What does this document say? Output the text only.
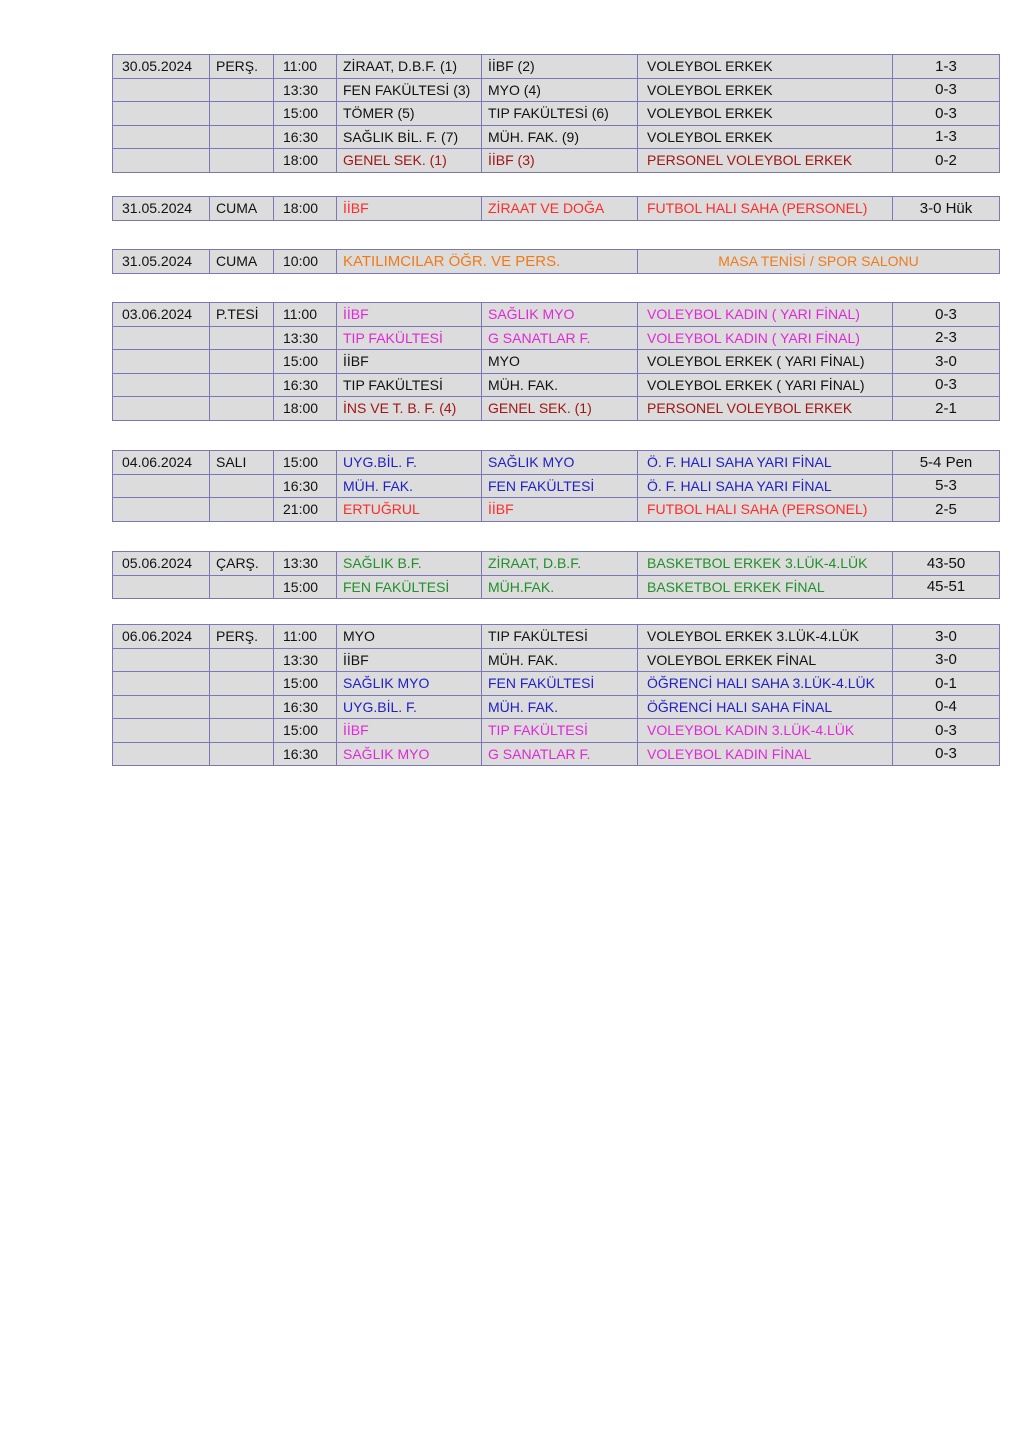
30.05.2024	PERŞ.	11:00	ZİRAAT, D.B.F. (1)	İİBF (2)	VOLEYBOL ERKEK	1-3
		13:30	FEN FAKÜLTESİ (3)	MYO (4)	VOLEYBOL ERKEK	0-3
		15:00	TÖMER (5)	TIP FAKÜLTESİ (6)	VOLEYBOL ERKEK	0-3
		16:30	SAĞLIK BİL. F. (7)	MÜH. FAK. (9)	VOLEYBOL ERKEK	1-3
		18:00	GENEL SEK. (1)	İİBF (3)	PERSONEL VOLEYBOL ERKEK	0-2
31.05.2024	CUMA	18:00	İİBF	ZİRAAT VE DOĞA	FUTBOL HALI SAHA (PERSONEL)	3-0 Hük
31.05.2024	CUMA	10:00	KATILIMCILAR ÖĞR. VE PERS.	MASA TENİSİ / SPOR SALONU
03.06.2024	P.TESİ	11:00	İİBF	SAĞLIK MYO	VOLEYBOL KADIN ( YARI FİNAL)	0-3
		13:30	TIP FAKÜLTESİ	G SANATLAR F.	VOLEYBOL KADIN ( YARI FİNAL)	2-3
		15:00	İİBF	MYO	VOLEYBOL ERKEK ( YARI FİNAL)	3-0
		16:30	TIP FAKÜLTESİ	MÜH. FAK.	VOLEYBOL ERKEK ( YARI FİNAL)	0-3
		18:00	İNS VE T. B. F. (4)	GENEL SEK. (1)	PERSONEL VOLEYBOL ERKEK	2-1
04.06.2024	SALI	15:00	UYG.BİL. F.	SAĞLIK MYO	Ö. F. HALI SAHA YARI FİNAL	5-4 Pen
		16:30	MÜH. FAK.	FEN FAKÜLTESİ	Ö. F. HALI SAHA YARI FİNAL	5-3
		21:00	ERTUĞRUL	İİBF	FUTBOL HALI SAHA (PERSONEL)	2-5
05.06.2024	ÇARŞ.	13:30	SAĞLIK B.F.	ZİRAAT, D.B.F.	BASKETBOL ERKEK 3.LÜK-4.LÜK	43-50
		15:00	FEN FAKÜLTESİ	MÜH.FAK.	BASKETBOL ERKEK FİNAL	45-51
06.06.2024	PERŞ.	11:00	MYO	TIP FAKÜLTESİ	VOLEYBOL ERKEK 3.LÜK-4.LÜK	3-0
		13:30	İİBF	MÜH. FAK.	VOLEYBOL ERKEK FİNAL	3-0
		15:00	SAĞLIK MYO	FEN FAKÜLTESİ	ÖĞRENCİ HALI SAHA 3.LÜK-4.LÜK	0-1
		16:30	UYG.BİL. F.	MÜH. FAK.	ÖĞRENCİ HALI SAHA FİNAL	0-4
		15:00	İİBF	TIP FAKÜLTESİ	VOLEYBOL KADIN 3.LÜK-4.LÜK	0-3
		16:30	SAĞLIK MYO	G SANATLAR F.	VOLEYBOL KADIN FİNAL	0-3
